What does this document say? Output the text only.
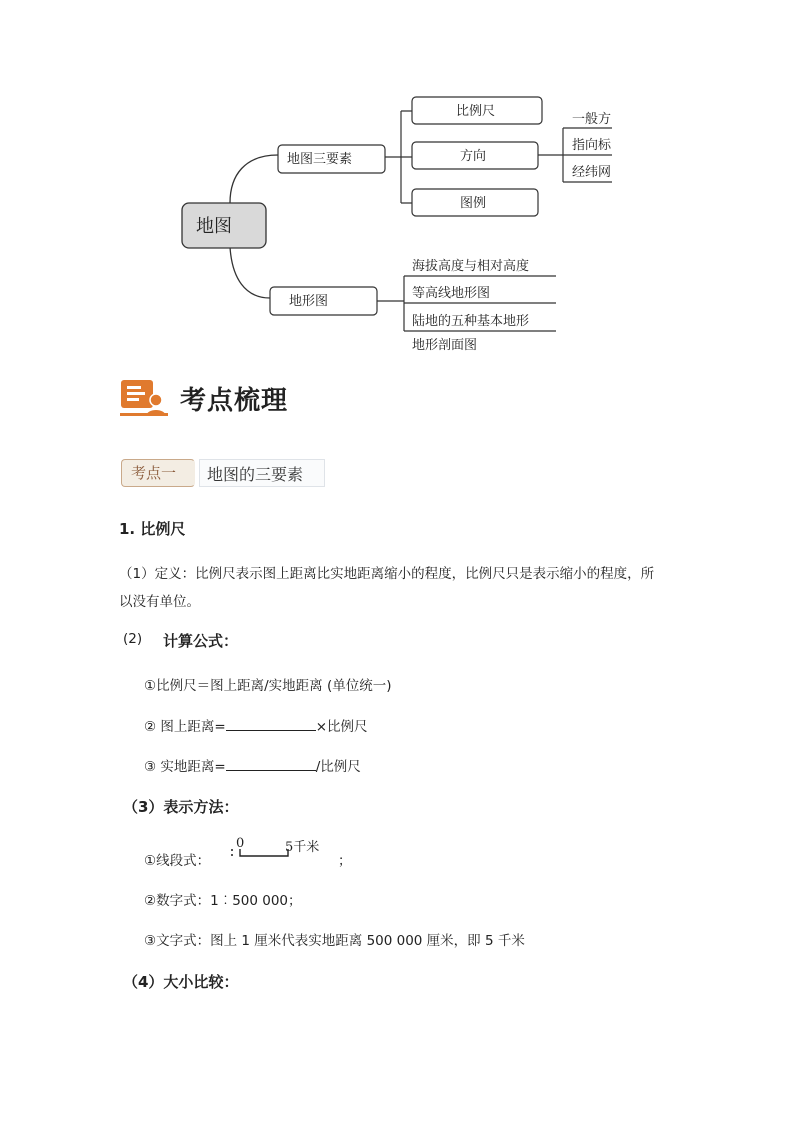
地图
地图三要素
比例尺
方向
图例
一般方
指向标
经纬网
地形图
海拔高度与相对高度
等高线地形图
陆地的五种基本地形
地形剖面图
考点梳理
考点一 地图的三要素
1. 比例尺
（1）定义：比例尺表示图上距离比实地距离缩小的程度，比例尺只是表示缩小的程度，所
以没有单位。
(2) 计算公式：
①比例尺＝图上距离/实地距离 (单位统一)
② 图上距离=	×比例尺
③ 实地距离=	/比例尺
（3）表示方法：
①线段式：
0	5千米
；
②数字式：1︰500 000；
③文字式：图上 1 厘米代表实地距离 500 000 厘米，即 5 千米
（4）大小比较：
